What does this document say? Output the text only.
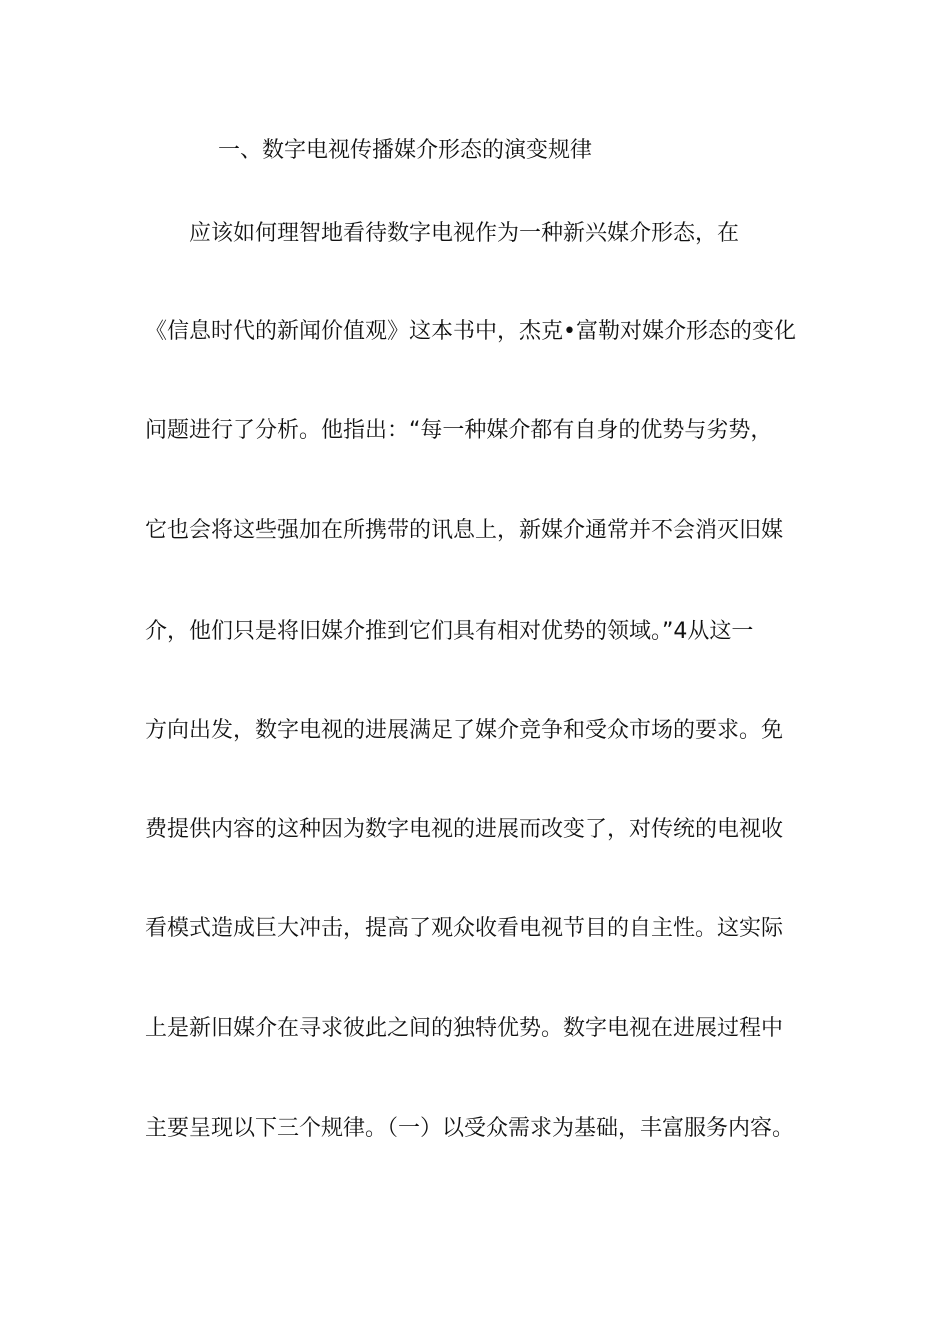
一、数字电视传播媒介形态的演变规律
　　应该如何理智地看待数字电视作为一种新兴媒介形态，在
《信息时代的新闻价值观》这本书中，杰克•富勒对媒介形态的变化
问题进行了分析。他指出：“每一种媒介都有自身的优势与劣势，
它也会将这些强加在所携带的讯息上，新媒介通常并不会消灭旧媒
介，他们只是将旧媒介推到它们具有相对优势的领域。”4从这一
方向出发，数字电视的进展满足了媒介竞争和受众市场的要求。免
费提供内容的这种因为数字电视的进展而改变了，对传统的电视收
看模式造成巨大冲击，提高了观众收看电视节目的自主性。这实际
上是新旧媒介在寻求彼此之间的独特优势。数字电视在进展过程中
主要呈现以下三个规律。（一）以受众需求为基础，丰富服务内容。
